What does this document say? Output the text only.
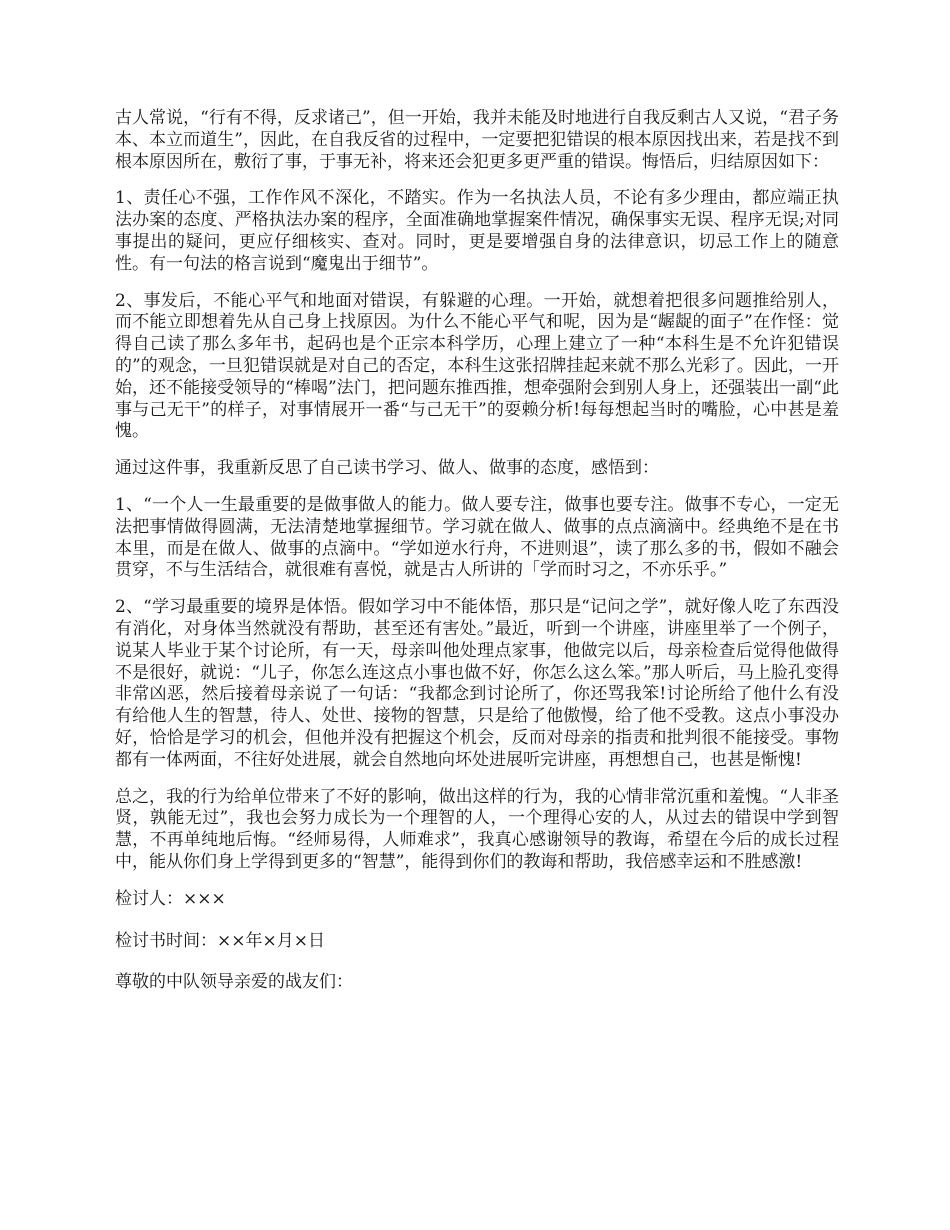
古人常说，“行有不得，反求诸己”，但一开始，我并未能及时地进行自我反剩古人又说，“君子务本、本立而道生”，因此，在自我反省的过程中，一定要把犯错误的根本原因找出来，若是找不到根本原因所在，敷衍了事，于事无补，将来还会犯更多更严重的错误。悔悟后，归结原因如下：

1、责任心不强，工作作风不深化，不踏实。作为一名执法人员，不论有多少理由，都应端正执法办案的态度、严格执法办案的程序，全面准确地掌握案件情况，确保事实无误、程序无误;对同事提出的疑问，更应仔细核实、查对。同时，更是要增强自身的法律意识，切忌工作上的随意性。有一句法的格言说到“魔鬼出于细节”。

2、事发后，不能心平气和地面对错误，有躲避的心理。一开始，就想着把很多问题推给别人，而不能立即想着先从自己身上找原因。为什么不能心平气和呢，因为是“龌龊的面子”在作怪：觉得自己读了那么多年书，起码也是个正宗本科学历，心理上建立了一种“本科生是不允许犯错误的”的观念，一旦犯错误就是对自己的否定，本科生这张招牌挂起来就不那么光彩了。因此，一开始，还不能接受领导的“棒喝”法门，把问题东推西推，想牵强附会到别人身上，还强装出一副“此事与己无干”的样子，对事情展开一番“与己无干”的耍赖分析!每每想起当时的嘴脸，心中甚是羞愧。

通过这件事，我重新反思了自己读书学习、做人、做事的态度，感悟到：

1、“一个人一生最重要的是做事做人的能力。做人要专注，做事也要专注。做事不专心，一定无法把事情做得圆满，无法清楚地掌握细节。学习就在做人、做事的点点滴滴中。经典绝不是在书本里，而是在做人、做事的点滴中。“学如逆水行舟，不进则退”，读了那么多的书，假如不融会贯穿，不与生活结合，就很难有喜悦，就是古人所讲的「学而时习之，不亦乐乎。”

2、“学习最重要的境界是体悟。假如学习中不能体悟，那只是“记问之学”，就好像人吃了东西没有消化，对身体当然就没有帮助，甚至还有害处。”最近，听到一个讲座，讲座里举了一个例子，说某人毕业于某个讨论所，有一天，母亲叫他处理点家事，他做完以后，母亲检查后觉得他做得不是很好，就说：“儿子，你怎么连这点小事也做不好，你怎么这么笨。”那人听后，马上脸孔变得非常凶恶，然后接着母亲说了一句话：“我都念到讨论所了，你还骂我笨!讨论所给了他什么有没有给他人生的智慧，待人、处世、接物的智慧，只是给了他傲慢，给了他不受教。这点小事没办好，恰恰是学习的机会，但他并没有把握这个机会，反而对母亲的指责和批判很不能接受。事物都有一体两面，不往好处进展，就会自然地向坏处进展听完讲座，再想想自己，也甚是惭愧!

总之，我的行为给单位带来了不好的影响，做出这样的行为，我的心情非常沉重和羞愧。“人非圣贤，孰能无过”，我也会努力成长为一个理智的人，一个理得心安的人，从过去的错误中学到智慧，不再单纯地后悔。“经师易得，人师难求”，我真心感谢领导的教诲，希望在今后的成长过程中，能从你们身上学得到更多的“智慧”，能得到你们的教诲和帮助，我倍感幸运和不胜感激!

检讨人：×××

检讨书时间：××年×月×日

尊敬的中队领导亲爱的战友们：
